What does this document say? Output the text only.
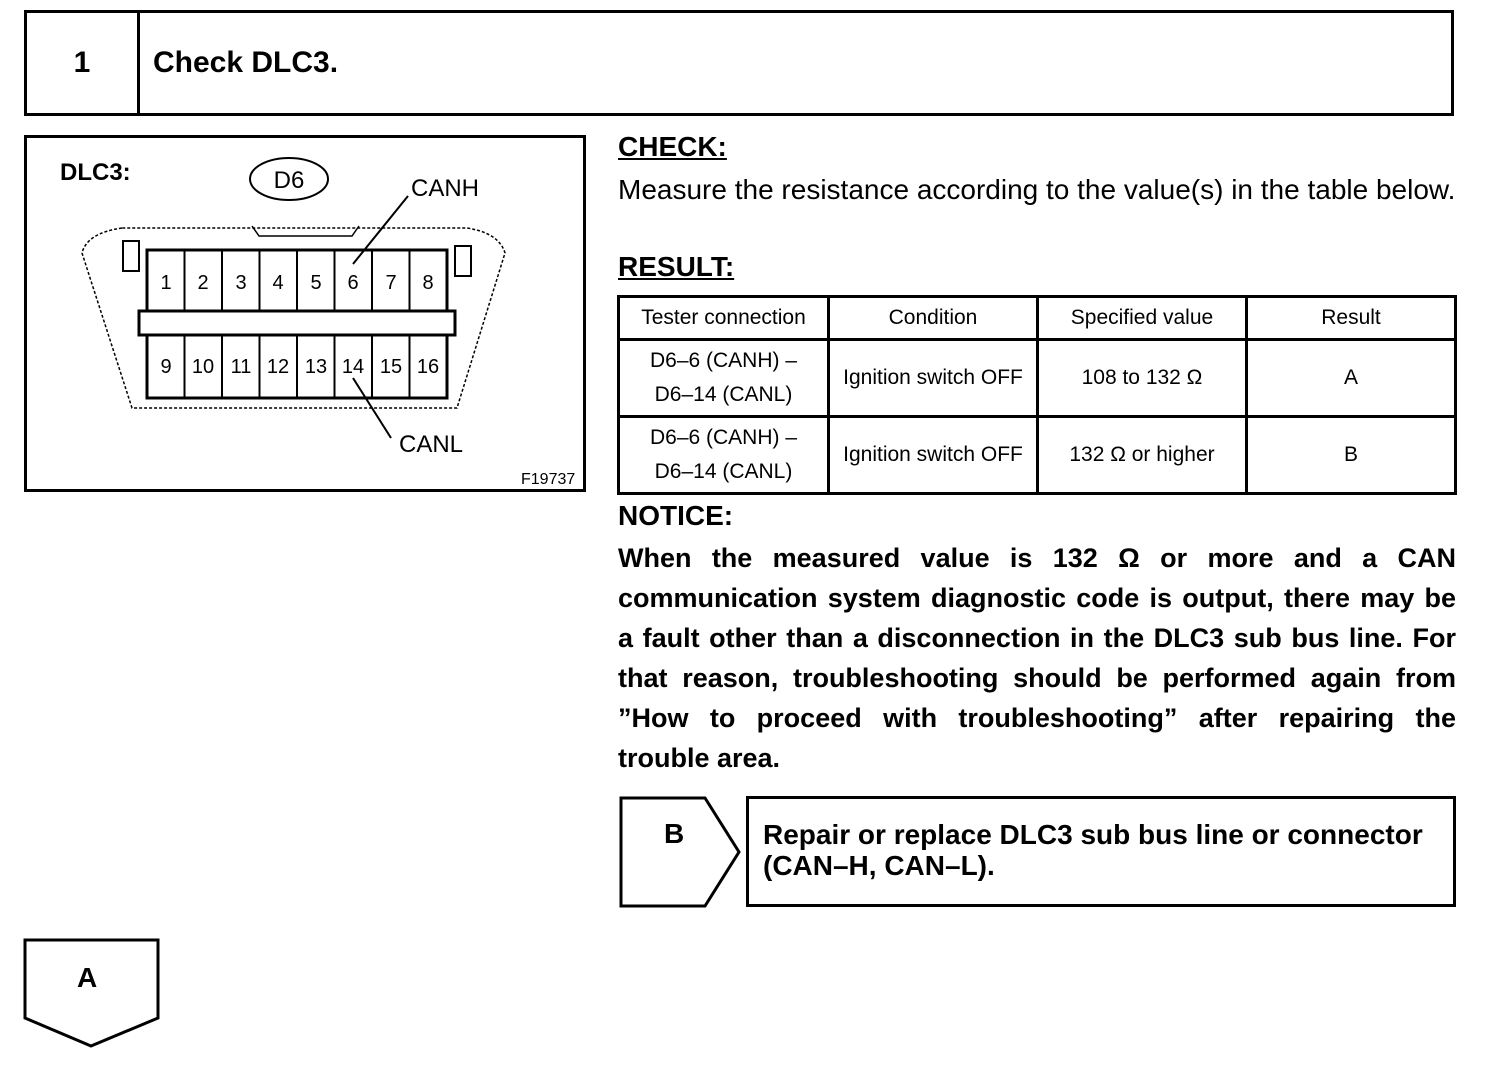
1	Check DLC3.
1 2 3 4 5 6 7 8
9 10 11 12 13 14 15 16
D6
DLC3:
CANH
CANL
F19737
CHECK:
Measure the resistance according to the value(s) in the table below.
RESULT:
Tester connection	Condition	Specified value	Result
D6–6 (CANH) –
D6–14 (CANL)	Ignition switch OFF	108 to 132 Ω	A
D6–6 (CANH) –
D6–14 (CANL)	Ignition switch OFF	132 Ω or higher	B
NOTICE:
When the measured value is 132 Ω or more and a CAN communication system diagnostic code is output, there may be a fault other than a disconnection in the DLC3 sub bus line. For that reason, troubleshooting should be performed again from ”How to proceed with troubleshooting” after repairing the trouble area.
B	Repair or replace DLC3 sub bus line or connector (CAN–H, CAN–L).
A
